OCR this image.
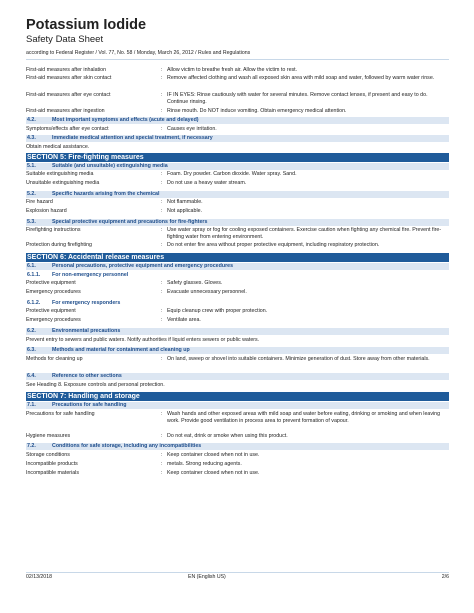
Potassium Iodide
Safety Data Sheet
according to Federal Register / Vol. 77, No. 58 / Monday, March 26, 2012 / Rules and Regulations
First-aid measures after inhalation	: Allow victim to breathe fresh air. Allow the victim to rest.
First-aid measures after skin contact	: Remove affected clothing and wash all exposed skin area with mild soap and water, followed by warm water rinse.
First-aid measures after eye contact	: IF IN EYES: Rinse cautiously with water for several minutes. Remove contact lenses, if present and easy to do. Continue rinsing.
First-aid measures after ingestion	: Rinse mouth. Do NOT induce vomiting. Obtain emergency medical attention.
4.2.	Most important symptoms and effects (acute and delayed)
Symptoms/effects after eye contact	: Causes eye irritation.
4.3.	Immediate medical attention and special treatment, if necessary
Obtain medical assistance.
SECTION 5: Fire-fighting measures
5.1.	Suitable (and unsuitable) extinguishing media
Suitable extinguishing media	: Foam. Dry powder. Carbon dioxide. Water spray. Sand.
Unsuitable extinguishing media	: Do not use a heavy water stream.
5.2.	Specific hazards arising from the chemical
Fire hazard	: Not flammable.
Explosion hazard	: Not applicable.
5.3.	Special protective equipment and precautions for fire-fighters
Firefighting instructions	: Use water spray or fog for cooling exposed containers. Exercise caution when fighting any chemical fire. Prevent fire-fighting water from entering environment.
Protection during firefighting	: Do not enter fire area without proper protective equipment, including respiratory protection.
SECTION 6: Accidental release measures
6.1.	Personal precautions, protective equipment and emergency procedures
6.1.1.	For non-emergency personnel
Protective equipment	: Safety glasses. Gloves.
Emergency procedures	: Evacuate unnecessary personnel.
6.1.2.	For emergency responders
Protective equipment	: Equip cleanup crew with proper protection.
Emergency procedures	: Ventilate area.
6.2.	Environmental precautions
Prevent entry to sewers and public waters. Notify authorities if liquid enters sewers or public waters.
6.3.	Methods and material for containment and cleaning up
Methods for cleaning up	: On land, sweep or shovel into suitable containers. Minimize generation of dust. Store away from other materials.
6.4.	Reference to other sections
See Heading 8. Exposure controls and personal protection.
SECTION 7: Handling and storage
7.1.	Precautions for safe handling
Precautions for safe handling	: Wash hands and other exposed areas with mild soap and water before eating, drinking or smoking and when leaving work. Provide good ventilation in process area to prevent formation of vapour.
Hygiene measures	: Do not eat, drink or smoke when using this product.
7.2.	Conditions for safe storage, including any incompatibilities
Storage conditions	: Keep container closed when not in use.
Incompatible products	: metals. Strong reducing agents.
Incompatible materials	: Keep container closed when not in use.
02/13/2018	EN (English US)	2/6
